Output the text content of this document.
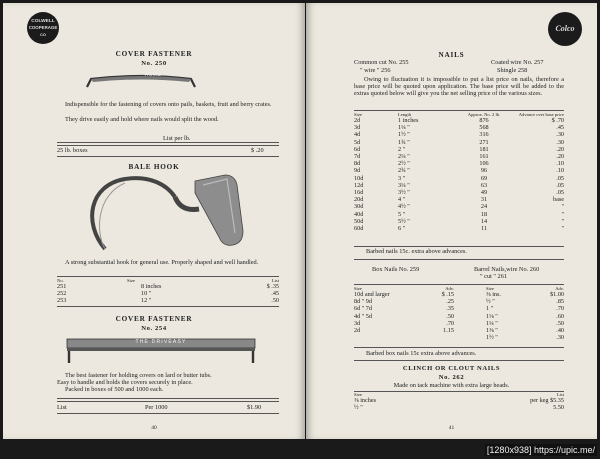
COLWELL
COOPERAGE
CO
COVER FASTENER
No. 250
ACME
Indispensible for the fastening of covers onto pails, baskets, fruit and berry crates.
They drive easily and hold where nails would split the wood.
List per lb.
25 lb. boxes	$ .20
BALE HOOK
A strong substantial hook for general use. Properly shaped and well handled.
No.	Size	List
251	8 inches	$ .35
252	10 "	.45
253	12 "	.50
COVER FASTENER
No. 254
THE DRIVEASY
The best fastener for holding covers on lard or butter tubs.
Easy to handle and holds the covers securely in place.
Packed in boxes of 500 and 1000 each.
List	Per 1000	$1.90
40
Colco
NAILS
Common cut No. 255	Coated wire No. 257
" wire " 256	Shingle 258
Owing to fluctuation it is impossible to put a list price on nails, therefore a base price will be quoted upon application. The base price will be added to the extras quoted below will give you the net selling price of the various sizes.
Size	Length	Approx. No. 2 lb.	Advance over base price
2d	1 inches	876	$ .70
3d	1¼ "	568	.45
4d	1½ "	316	.30
5d	1¾ "	271	.30
6d	2 "	181	.20
7d	2¼ "	161	.20
8d	2½ "	106	.10
9d	2¾ "	96	.10
10d	3 "	69	.05
12d	3¼ "	63	.05
16d	3½ "	49	.05
20d	4 "	31	base
30d	4½ "	24	"
40d	5 "	18	"
50d	5½ "	14	"
60d	6 "	11	"
Barbed nails 15c. extra above advances.
Box Nails No. 259	Barrel Nails,wire No. 260
" cut " 261
Size	Adv.	Size	Adv.
10d and larger	$ .15	⅜ ins.	$1.00
8d " 9d	.25	½ "	.85
6d " 7d	.35	1 "	.70
4d " 5d	.50	1⅛ "	.60
3d	.70	1¼ "	.50
2d	1.15	1⅜ "	.40
		1½ "	.30
Barbed box nails 15c extra above advances.
CLINCH OR CLOUT NAILS
No. 262
Made on tack machine with extra large heads.
Size	List
⅜ inches	per keg $5.35
½ "	5.50
41
[1280x938] https://upic.me/
